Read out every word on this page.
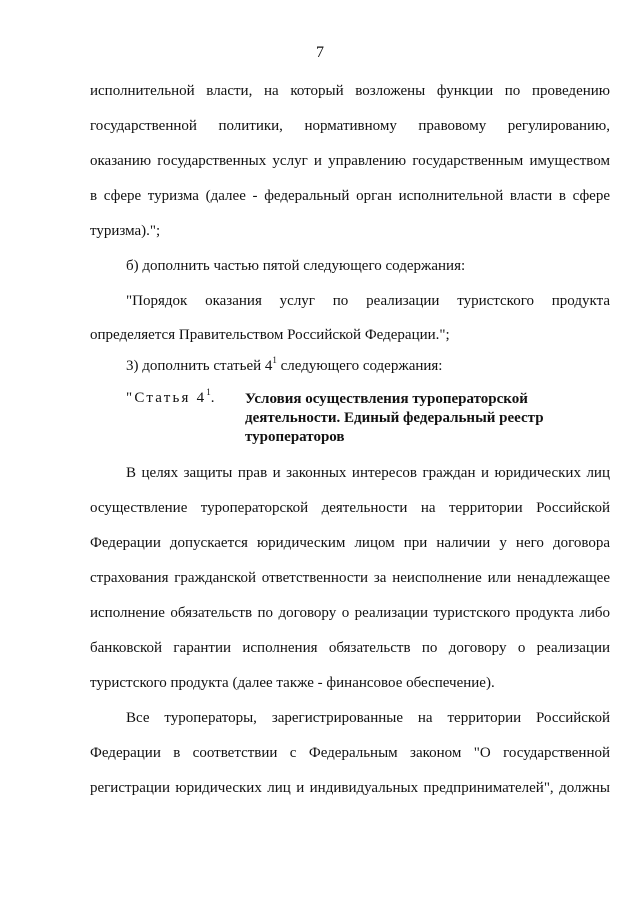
7
исполнительной власти, на который возложены функции по проведению
государственной политики, нормативному правовому регулированию,
оказанию государственных услуг и управлению государственным имуществом
в сфере туризма (далее - федеральный орган исполнительной власти в сфере
туризма).";
б) дополнить частью пятой следующего содержания:
"Порядок оказания услуг по реализации туристского продукта
определяется Правительством Российской Федерации.";
3) дополнить статьей $4^1$ следующего содержания:
"Статья $4^1$. Условия осуществления туроператорской
деятельности. Единый федеральный реестр
туроператоров
В целях защиты прав и законных интересов граждан и юридических лиц
осуществление туроператорской деятельности на территории Российской
Федерации допускается юридическим лицом при наличии у него договора
страхования гражданской ответственности за неисполнение или ненадлежащее
исполнение обязательств по договору о реализации туристского продукта либо
банковской гарантии исполнения обязательств по договору о реализации
туристского продукта (далее также - финансовое обеспечение).
Все туроператоры, зарегистрированные на территории Российской
Федерации в соответствии с Федеральным законом "О государственной
регистрации юридических лиц и индивидуальных предпринимателей", должны
